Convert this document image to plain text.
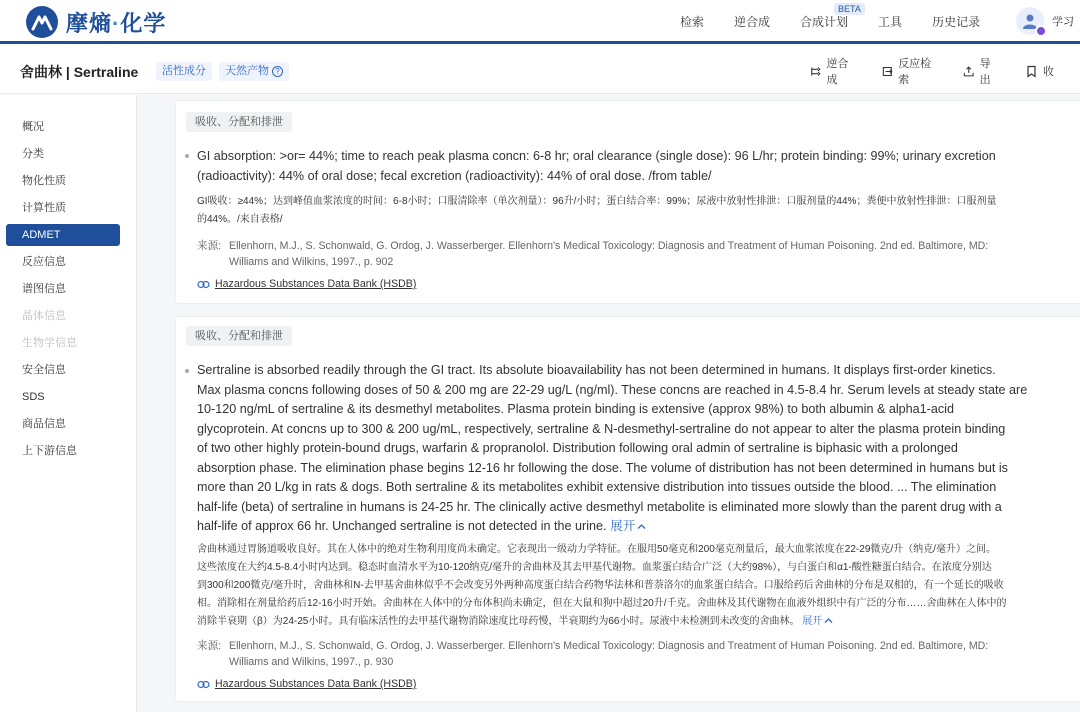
摩熵·化学	检索	逆合成	合成计划
BETA
工具	历史记录	学习
舍曲林 | Sertraline	活性成分	天然产物 ?
逆合成
反应检索
导出
收
概况
分类
物化性质
计算性质
ADMET
反应信息
谱图信息
晶体信息
生物学信息
安全信息
SDS
商品信息
上下游信息
吸收、分配和排泄
GI absorption: >or= 44%; time to reach peak plasma concn: 6-8 hr; oral clearance (single dose): 96 L/hr; protein binding: 99%; urinary excretion
(radioactivity): 44% of oral dose; fecal excretion (radioactivity): 44% of oral dose. /from table/
GI吸收：≥44%；达到峰值血浆浓度的时间：6-8小时；口服清除率（单次剂量）：96升/小时；蛋白结合率：99%；尿液中放射性排泄：口服剂量的44%；粪便中放射性排泄：口服剂量
的44%。/来自表格/
来源: Ellenhorn, M.J., S. Schonwald, G. Ordog, J. Wasserberger. Ellenhorn's Medical Toxicology: Diagnosis and Treatment of Human Poisoning. 2nd ed. Baltimore, MD:
Williams and Wilkins, 1997., p. 902
Hazardous Substances Data Bank (HSDB)
吸收、分配和排泄
Sertraline is absorbed readily through the GI tract. Its absolute bioavailability has not been determined in humans. It displays first-order kinetics.
Max plasma concns following doses of 50 & 200 mg are 22-29 ug/L (ng/ml). These concns are reached in 4.5-8.4 hr. Serum levels at steady state are
10-120 ng/mL of sertraline & its desmethyl metabolites. Plasma protein binding is extensive (approx 98%) to both albumin & alpha1-acid
glycoprotein. At concns up to 300 & 200 ug/mL, respectively, sertraline & N-desmethyl-sertraline do not appear to alter the plasma protein binding
of two other highly protein-bound drugs, warfarin & propranolol. Distribution following oral admin of sertraline is biphasic with a prolonged
absorption phase. The elimination phase begins 12-16 hr following the dose. The volume of distribution has not been determined in humans but is
more than 20 L/kg in rats & dogs. Both sertraline & its metabolites exhibit extensive distribution into tissues outside the blood. ... The elimination
half-life (beta) of sertraline in humans is 24-25 hr. The clinically active desmethyl metabolite is eliminated more slowly than the parent drug with a
half-life of approx 66 hr. Unchanged sertraline is not detected in the urine. 展开
舍曲林通过胃肠道吸收良好。其在人体中的绝对生物利用度尚未确定。它表现出一级动力学特征。在服用50毫克和200毫克剂量后，最大血浆浓度在22-29微克/升（纳克/毫升）之间。
这些浓度在大约4.5-8.4小时内达到。稳态时血清水平为10-120纳克/毫升的舍曲林及其去甲基代谢物。血浆蛋白结合广泛（大约98%），与白蛋白和α1-酸性糖蛋白结合。在浓度分别达
到300和200微克/毫升时，舍曲林和N-去甲基舍曲林似乎不会改变另外两种高度蛋白结合药物华法林和普萘洛尔的血浆蛋白结合。口服给药后舍曲林的分布是双相的，有一个延长的吸收
相。消除相在剂量给药后12-16小时开始。舍曲林在人体中的分布体积尚未确定，但在大鼠和狗中超过20升/千克。舍曲林及其代谢物在血液外组织中有广泛的分布……舍曲林在人体中的
消除半衰期（β）为24-25小时。具有临床活性的去甲基代谢物消除速度比母药慢，半衰期约为66小时。尿液中未检测到未改变的舍曲林。 展开
来源: Ellenhorn, M.J., S. Schonwald, G. Ordog, J. Wasserberger. Ellenhorn's Medical Toxicology: Diagnosis and Treatment of Human Poisoning. 2nd ed. Baltimore, MD:
Williams and Wilkins, 1997., p. 930
Hazardous Substances Data Bank (HSDB)
